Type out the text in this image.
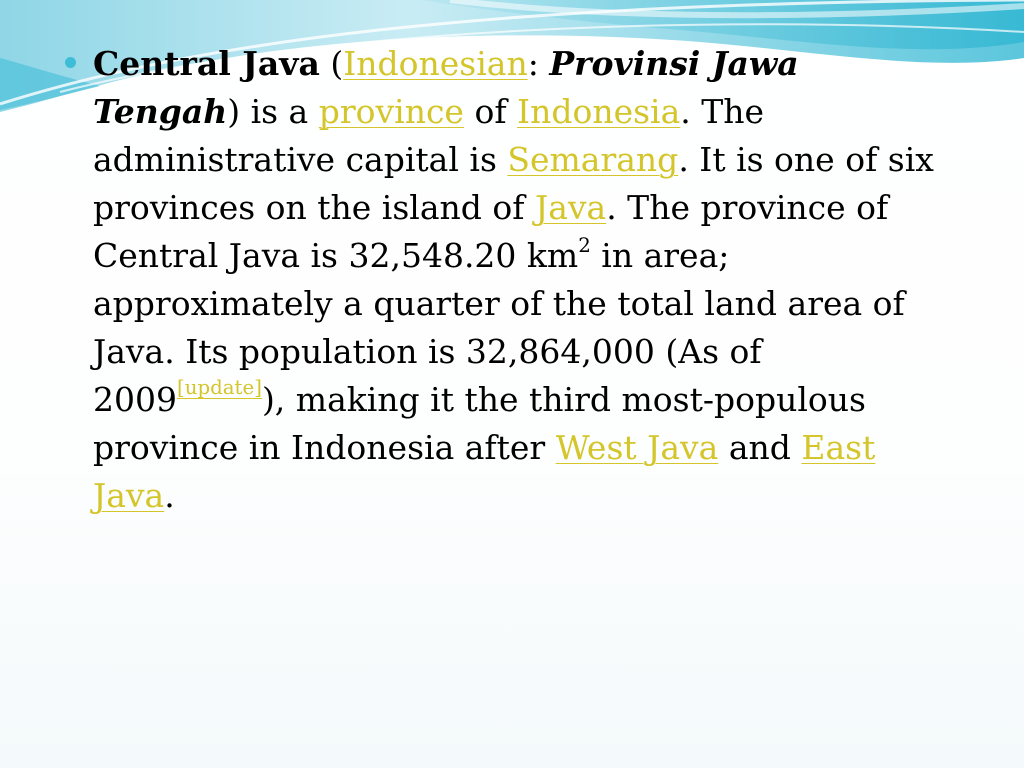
Central Java (Indonesian: Provinsi Jawa
Tengah) is a province of Indonesia. The
administrative capital is Semarang. It is one of six
provinces on the island of Java. The province of
Central Java is 32,548.20 $km^2$ in area;
approximately a quarter of the total land area of
Java. Its population is 32,864,000 (As of
2009[update]), making it the third most-populous
province in Indonesia after West Java and East
Java.
